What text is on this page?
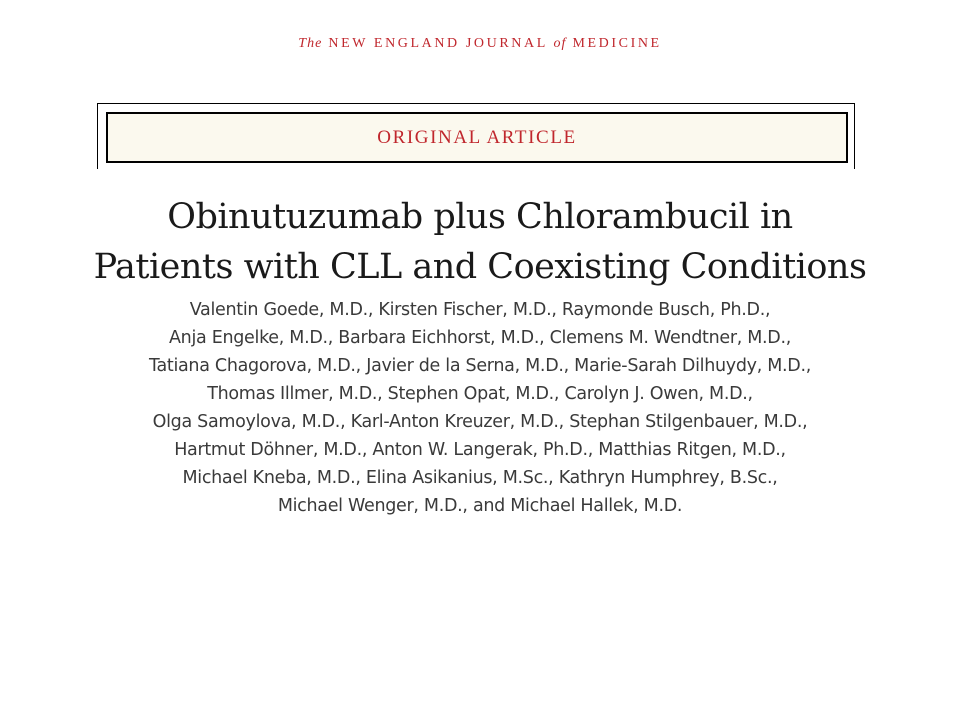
The NEW ENGLAND JOURNAL of MEDICINE
ORIGINAL ARTICLE
Obinutuzumab plus Chlorambucil in
Patients with CLL and Coexisting Conditions
Valentin Goede, M.D., Kirsten Fischer, M.D., Raymonde Busch, Ph.D.,
Anja Engelke, M.D., Barbara Eichhorst, M.D., Clemens M. Wendtner, M.D.,
Tatiana Chagorova, M.D., Javier de la Serna, M.D., Marie-Sarah Dilhuydy, M.D.,
Thomas Illmer, M.D., Stephen Opat, M.D., Carolyn J. Owen, M.D.,
Olga Samoylova, M.D., Karl-Anton Kreuzer, M.D., Stephan Stilgenbauer, M.D.,
Hartmut Döhner, M.D., Anton W. Langerak, Ph.D., Matthias Ritgen, M.D.,
Michael Kneba, M.D., Elina Asikanius, M.Sc., Kathryn Humphrey, B.Sc.,
Michael Wenger, M.D., and Michael Hallek, M.D.
